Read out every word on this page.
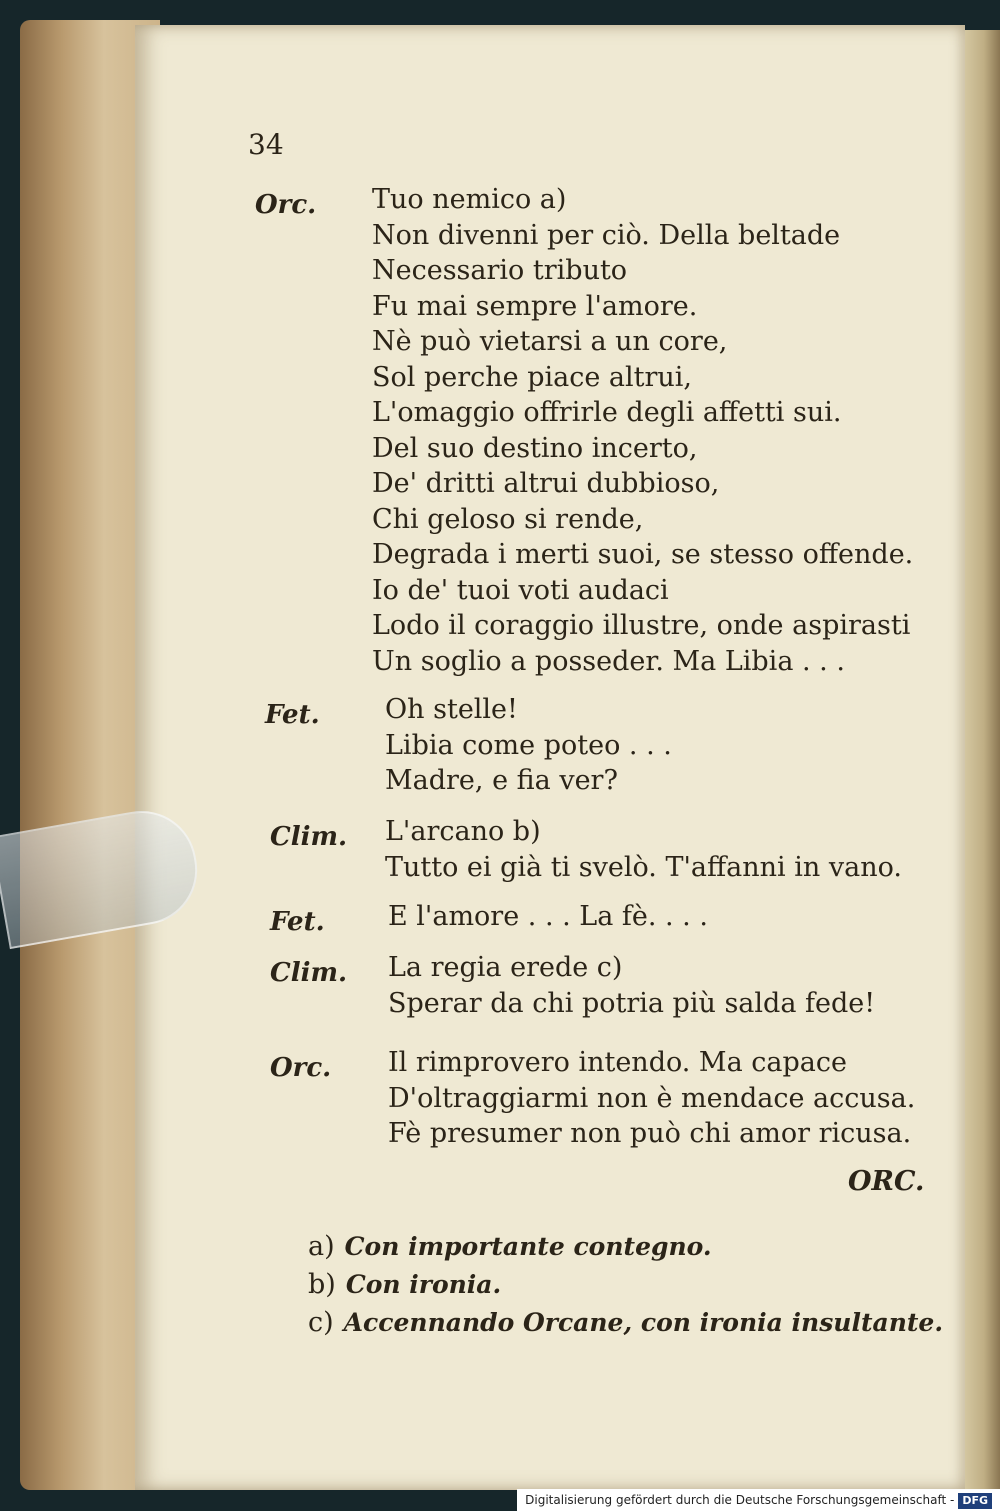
34
Orc.	Tuo nemico a)
Non divenni per ciò. Della beltade
Necessario tributo
Fu mai sempre l'amore.
Nè può vietarsi a un core,
Sol perche piace altrui,
L'omaggio offrirle degli affetti sui.
Del suo destino incerto,
De' dritti altrui dubbioso,
Chi geloso si rende,
Degrada i merti suoi, se stesso offende.
Io de' tuoi voti audaci
Lodo il coraggio illustre, onde aspirasti
Un soglio a posseder. Ma Libia . . .
Fet.	Oh stelle!
Libia come poteo . . .
Madre, e fia ver?
Clim.	L'arcano b)
Tutto ei già ti svelò. T'affanni in vano.
Fet.	E l'amore . . . La fè. . . .
Clim.	La regia erede c)
Sperar da chi potria più salda fede!
Orc.	Il rimprovero intendo. Ma capace
D'oltraggiarmi non è mendace accusa.
Fè presumer non può chi amor ricusa.
ORC.
a) Con importante contegno.
b) Con ironia.
c) Accennando Orcane, con ironia insultante.
Digitalisierung gefördert durch die Deutsche Forschungsgemeinschaft - DFG
